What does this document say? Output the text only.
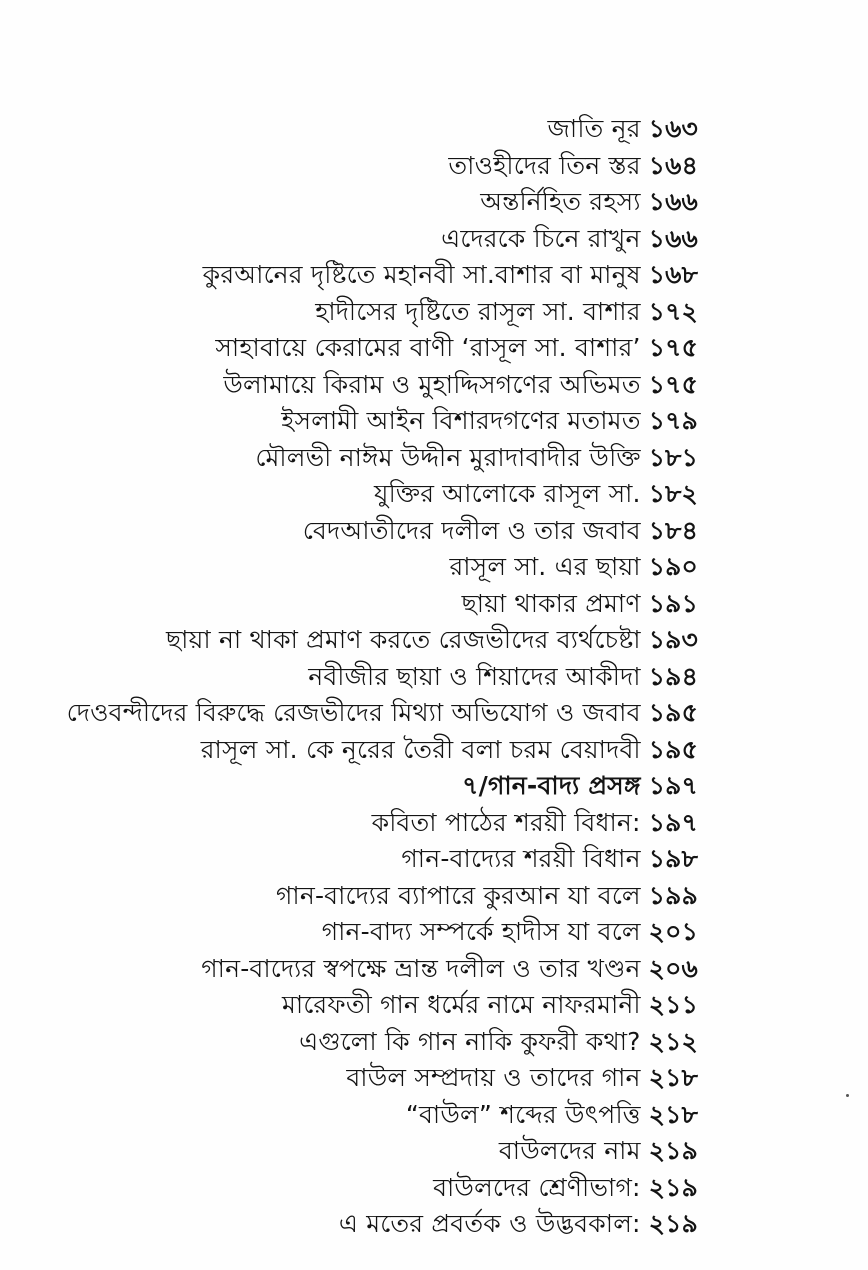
জাতি নূর ১৬৩
তাওহীদের তিন স্তর ১৬৪
অন্তর্নিহিত রহস্য ১৬৬
এদেরকে চিনে রাখুন ১৬৬
কুরআনের দৃষ্টিতে মহানবী সা.বাশার বা মানুষ ১৬৮
হাদীসের দৃষ্টিতে রাসূল সা. বাশার ১৭২
সাহাবায়ে কেরামের বাণী ‘রাসূল সা. বাশার’ ১৭৫
উলামায়ে কিরাম ও মুহাদ্দিসগণের অভিমত ১৭৫
ইসলামী আইন বিশারদগণের মতামত ১৭৯
মৌলভী নাঈম উদ্দীন মুরাদাবাদীর উক্তি ১৮১
যুক্তির আলোকে রাসূল সা. ১৮২
বেদআতীদের দলীল ও তার জবাব ১৮৪
রাসূল সা. এর ছায়া ১৯০
ছায়া থাকার প্রমাণ ১৯১
ছায়া না থাকা প্রমাণ করতে রেজভীদের ব্যর্থচেষ্টা ১৯৩
নবীজীর ছায়া ও শিয়াদের আকীদা ১৯৪
দেওবন্দীদের বিরুদ্ধে রেজভীদের মিথ্যা অভিযোগ ও জবাব ১৯৫
রাসূল সা. কে নূরের তৈরী বলা চরম বেয়াদবী ১৯৫
৭/গান-বাদ্য প্রসঙ্গ ১৯৭
কবিতা পাঠের শরয়ী বিধান: ১৯৭
গান-বাদ্যের শরয়ী বিধান ১৯৮
গান-বাদ্যের ব্যাপারে কুরআন যা বলে ১৯৯
গান-বাদ্য সম্পর্কে হাদীস যা বলে ২০১
গান-বাদ্যের স্বপক্ষে ভ্রান্ত দলীল ও তার খণ্ডন ২০৬
মারেফতী গান ধর্মের নামে নাফরমানী ২১১
এগুলো কি গান নাকি কুফরী কথা? ২১২
বাউল সম্প্রদায় ও তাদের গান ২১৮
“বাউল” শব্দের উৎপত্তি ২১৮
বাউলদের নাম ২১৯
বাউলদের শ্রেণীভাগ: ২১৯
এ মতের প্রবর্তক ও উদ্ভবকাল: ২১৯
